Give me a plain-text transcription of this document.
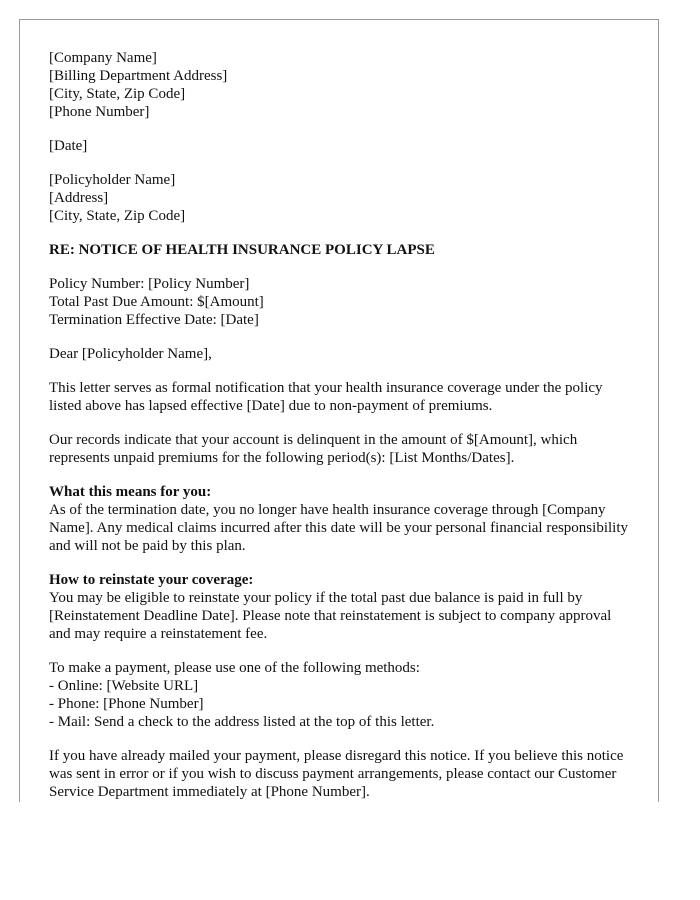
[Company Name]
[Billing Department Address]
[City, State, Zip Code]
[Phone Number]
[Date]
[Policyholder Name]
[Address]
[City, State, Zip Code]
RE: NOTICE OF HEALTH INSURANCE POLICY LAPSE
Policy Number: [Policy Number]
Total Past Due Amount: $[Amount]
Termination Effective Date: [Date]
Dear [Policyholder Name],
This letter serves as formal notification that your health insurance coverage under the policy listed above has lapsed effective [Date] due to non-payment of premiums.
Our records indicate that your account is delinquent in the amount of $[Amount], which represents unpaid premiums for the following period(s): [List Months/Dates].
What this means for you:
As of the termination date, you no longer have health insurance coverage through [Company Name]. Any medical claims incurred after this date will be your personal financial responsibility and will not be paid by this plan.
How to reinstate your coverage:
You may be eligible to reinstate your policy if the total past due balance is paid in full by [Reinstatement Deadline Date]. Please note that reinstatement is subject to company approval and may require a reinstatement fee.
To make a payment, please use one of the following methods:
- Online: [Website URL]
- Phone: [Phone Number]
- Mail: Send a check to the address listed at the top of this letter.
If you have already mailed your payment, please disregard this notice. If you believe this notice was sent in error or if you wish to discuss payment arrangements, please contact our Customer Service Department immediately at [Phone Number].
